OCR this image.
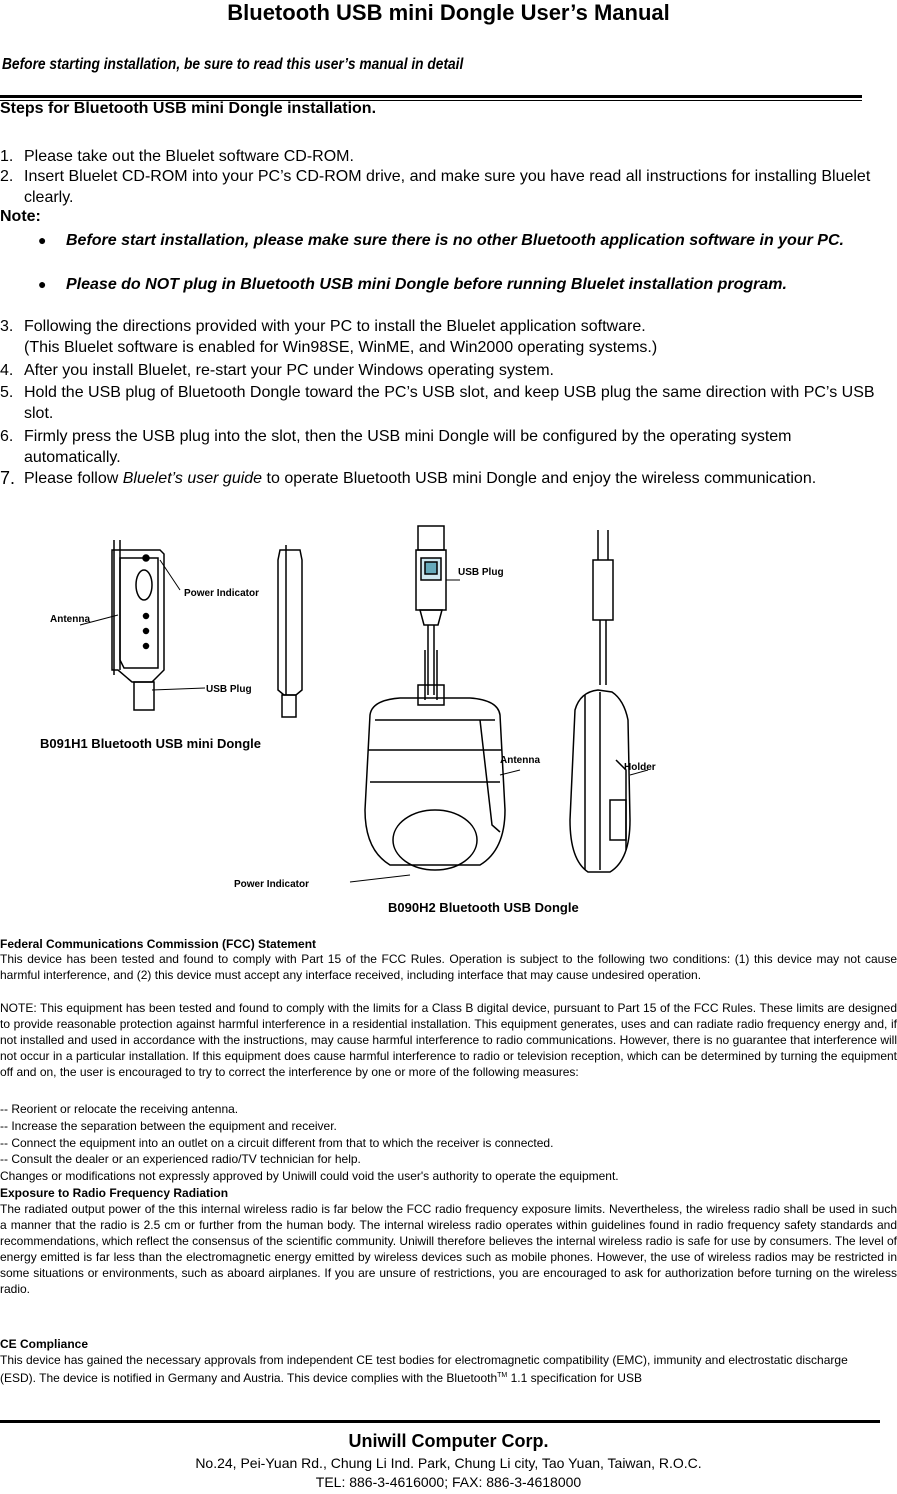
Bluetooth USB mini Dongle User’s Manual
Before starting installation, be sure to read this user’s manual in detail
Steps for Bluetooth USB mini Dongle installation.
1. Please take out the Bluelet software CD-ROM.
2. Insert Bluelet CD-ROM into your PC’s CD-ROM drive, and make sure you have read all instructions for installing Bluelet clearly.
Note:
● Before start installation, please make sure there is no other Bluetooth application software in your PC.
● Please do NOT plug in Bluetooth USB mini Dongle before running Bluelet installation program.
3. Following the directions provided with your PC to install the Bluelet application software.
(This Bluelet software is enabled for Win98SE, WinME, and Win2000 operating systems.)
4. After you install Bluelet, re-start your PC under Windows operating system.
5. Hold the USB plug of Bluetooth Dongle toward the PC’s USB slot, and keep USB plug the same direction with PC’s USB slot.
6. Firmly press the USB plug into the slot, then the USB mini Dongle will be configured by the operating system automatically.
7. Please follow Bluelet’s user guide to operate Bluetooth USB mini Dongle and enjoy the wireless communication.
Antenna
Power Indicator
USB Plug
USB Plug
Antenna
Holder
Power Indicator
B091H1 Bluetooth USB mini Dongle
B090H2 Bluetooth USB Dongle
Federal Communications Commission (FCC) Statement
This device has been tested and found to comply with Part 15 of the FCC Rules. Operation is subject to the following two conditions: (1) this device may not cause harmful interference, and (2) this device must accept any interface received, including interface that may cause undesired operation.
NOTE: This equipment has been tested and found to comply with the limits for a Class B digital device, pursuant to Part 15 of the FCC Rules. These limits are designed to provide reasonable protection against harmful interference in a residential installation. This equipment generates, uses and can radiate radio frequency energy and, if not installed and used in accordance with the instructions, may cause harmful interference to radio communications. However, there is no guarantee that interference will not occur in a particular installation. If this equipment does cause harmful interference to radio or television reception, which can be determined by turning the equipment off and on, the user is encouraged to try to correct the interference by one or more of the following measures:
-- Reorient or relocate the receiving antenna.
-- Increase the separation between the equipment and receiver.
-- Connect the equipment into an outlet on a circuit different from that to which the receiver is connected.
-- Consult the dealer or an experienced radio/TV technician for help.
Changes or modifications not expressly approved by Uniwill could void the user's authority to operate the equipment.
Exposure to Radio Frequency Radiation
The radiated output power of the this internal wireless radio is far below the FCC radio frequency exposure limits. Nevertheless, the wireless radio shall be used in such a manner that the radio is 2.5 cm or further from the human body. The internal wireless radio operates within guidelines found in radio frequency safety standards and recommendations, which reflect the consensus of the scientific community. Uniwill therefore believes the internal wireless radio is safe for use by consumers. The level of energy emitted is far less than the electromagnetic energy emitted by wireless devices such as mobile phones. However, the use of wireless radios may be restricted in some situations or environments, such as aboard airplanes. If you are unsure of restrictions, you are encouraged to ask for authorization before turning on the wireless radio.
CE Compliance
This device has gained the necessary approvals from independent CE test bodies for electromagnetic compatibility (EMC), immunity and electrostatic discharge (ESD). The device is notified in Germany and Austria. This device complies with the Bluetooth™ 1.1 specification for USB
Uniwill Computer Corp.
No.24, Pei-Yuan Rd., Chung Li Ind. Park, Chung Li city, Tao Yuan, Taiwan, R.O.C.
TEL: 886-3-4616000; FAX: 886-3-4618000
